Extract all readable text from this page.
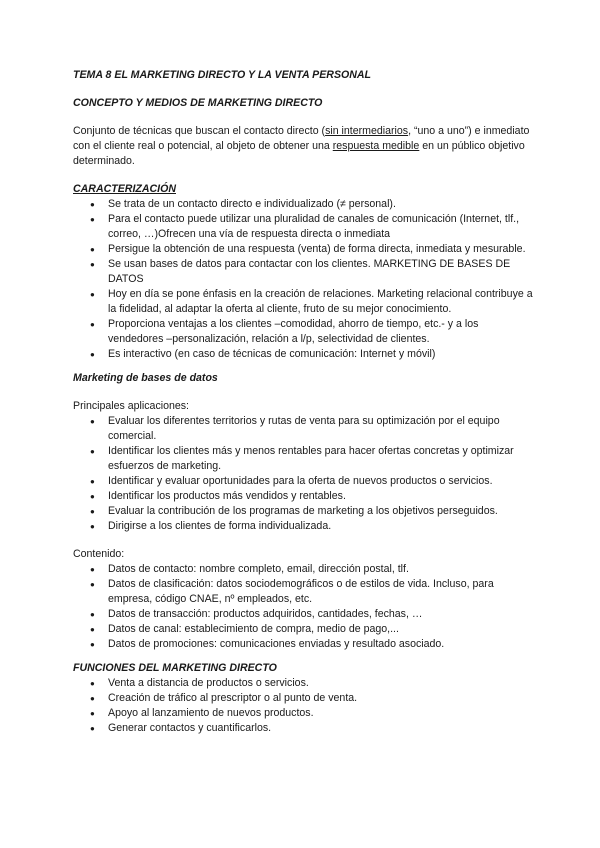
TEMA 8 EL MARKETING DIRECTO Y LA VENTA PERSONAL

CONCEPTO Y MEDIOS DE MARKETING DIRECTO

Conjunto de técnicas que buscan el contacto directo (sin intermediarios, “uno a uno”) e inmediato con el cliente real o potencial, al objeto de obtener una respuesta medible en un público objetivo determinado.

CARACTERIZACIÓN

● Se trata de un contacto directo e individualizado (≠ personal).
● Para el contacto puede utilizar una pluralidad de canales de comunicación (Internet, tlf., correo, …)Ofrecen una vía de respuesta directa o inmediata
● Persigue la obtención de una respuesta (venta) de forma directa, inmediata y mesurable.
● Se usan bases de datos para contactar con los clientes. MARKETING DE BASES DE DATOS
● Hoy en día se pone énfasis en la creación de relaciones. Marketing relacional contribuye a la fidelidad, al adaptar la oferta al cliente, fruto de su mejor conocimiento.
● Proporciona ventajas a los clientes –comodidad, ahorro de tiempo, etc.- y a los vendedores –personalización, relación a l/p, selectividad de clientes.
● Es interactivo (en caso de técnicas de comunicación: Internet y móvil)

Marketing de bases de datos

Principales aplicaciones:

● Evaluar los diferentes territorios y rutas de venta para su optimización por el equipo comercial.
● Identificar los clientes más y menos rentables para hacer ofertas concretas y optimizar esfuerzos de marketing.
● Identificar y evaluar oportunidades para la oferta de nuevos productos o servicios.
● Identificar los productos más vendidos y rentables.
● Evaluar la contribución de los programas de marketing a los objetivos perseguidos.
● Dirigirse a los clientes de forma individualizada.

Contenido:

● Datos de contacto: nombre completo, email, dirección postal, tlf.
● Datos de clasificación: datos sociodemográficos o de estilos de vida. Incluso, para empresa, código CNAE, nº empleados, etc.
● Datos de transacción: productos adquiridos, cantidades, fechas, …
● Datos de canal: establecimiento de compra, medio de pago,...
● Datos de promociones: comunicaciones enviadas y resultado asociado.

FUNCIONES DEL MARKETING DIRECTO

● Venta a distancia de productos o servicios.
● Creación de tráfico al prescriptor o al punto de venta.
● Apoyo al lanzamiento de nuevos productos.
● Generar contactos y cuantificarlos.
